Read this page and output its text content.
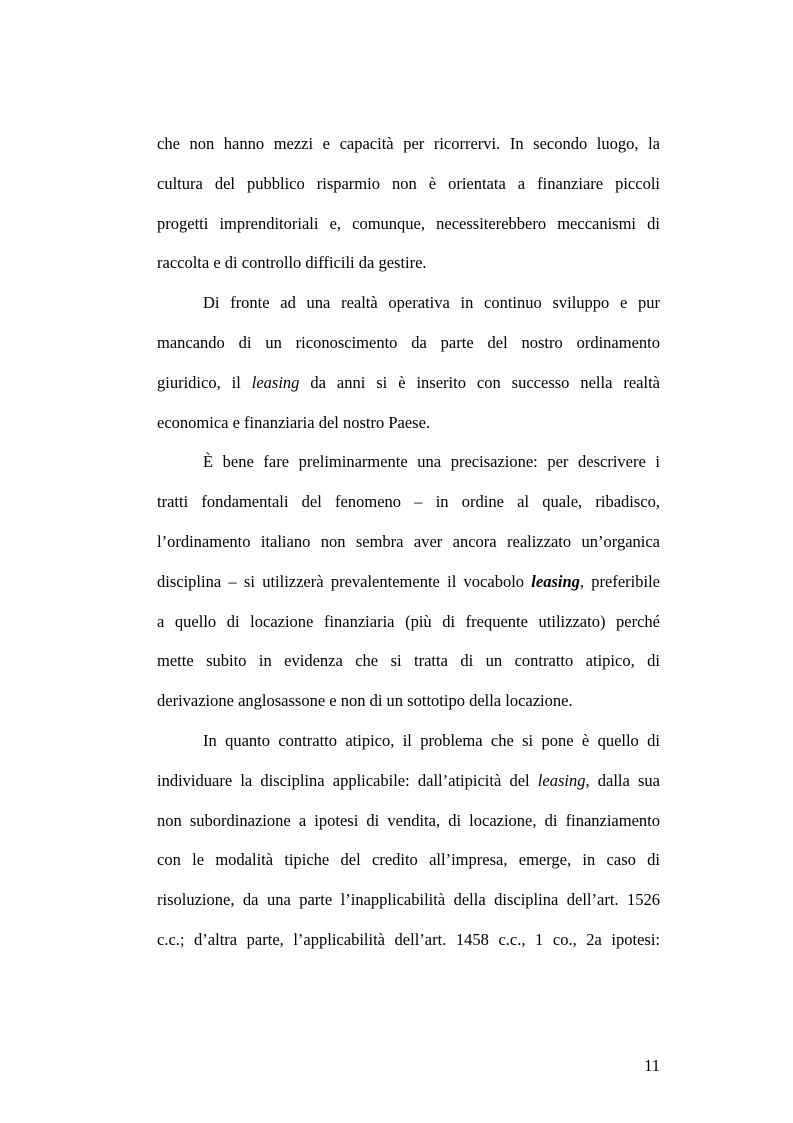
che non hanno mezzi e capacità per ricorrervi. In secondo luogo, la
cultura del pubblico risparmio non è orientata a finanziare piccoli
progetti imprenditoriali e, comunque, necessiterebbero meccanismi di
raccolta e di controllo difficili da gestire.
Di fronte ad una realtà operativa in continuo sviluppo e pur
mancando di un riconoscimento da parte del nostro ordinamento
giuridico, il leasing da anni si è inserito con successo nella realtà
economica e finanziaria del nostro Paese.
È bene fare preliminarmente una precisazione: per descrivere i
tratti fondamentali del fenomeno – in ordine al quale, ribadisco,
l’ordinamento italiano non sembra aver ancora realizzato un’organica
disciplina – si utilizzerà prevalentemente il vocabolo leasing, preferibile
a quello di locazione finanziaria (più di frequente utilizzato) perché
mette subito in evidenza che si tratta di un contratto atipico, di
derivazione anglosassone e non di un sottotipo della locazione.
In quanto contratto atipico, il problema che si pone è quello di
individuare la disciplina applicabile: dall’atipicità del leasing, dalla sua
non subordinazione a ipotesi di vendita, di locazione, di finanziamento
con le modalità tipiche del credito all’impresa, emerge, in caso di
risoluzione, da una parte l’inapplicabilità della disciplina dell’art. 1526
c.c.; d’altra parte, l’applicabilità dell’art. 1458 c.c., 1 co., 2a ipotesi:
11
